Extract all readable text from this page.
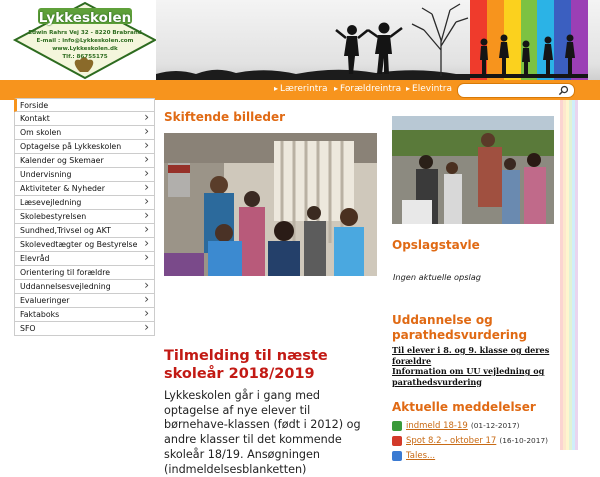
Lykkeskolen
Edwin Rahrs Vej 32 - 8220 Brabrand
E-mail : info@Lykkeskolen.com
www.Lykkeskolen.dk
Tlf.: 86755175
▸ Lærerintra	▸ Forældreintra	▸ Elevintra
Forside
Kontakt ›
Om skolen ›
Optagelse på Lykkeskolen ›
Kalender og Skemaer ›
Undervisning ›
Aktiviteter & Nyheder ›
Læsevejledning ›
Skolebestyrelsen ›
Sundhed,Trivsel og AKT ›
Skolevedtægter og Bestyrelse ›
Elevråd ›
Orientering til forældre
Uddannelsesvejledning ›
Evalueringer ›
Faktaboks ›
SFO ›
Skiftende billeder
Tilmelding til næste skoleår 2018/2019
Lykkeskolen går i gang med optagelse af nye elever til børnehave-klassen (født i 2012) og andre klasser til det kommende skoleår 18/19. Ansøgningen (indmeldelsesblanketten)
Opslagstavle
Ingen aktuelle opslag
Uddannelse og parathedsvurdering
Til elever i 8. og 9. klasse og deres forældre
Information om UU vejledning og parathedsvurdering
Aktuelle meddelelser
indmeld 18-19 (01-12-2017)
Spot 8.2 - oktober 17 (16-10-2017)
Tales...
